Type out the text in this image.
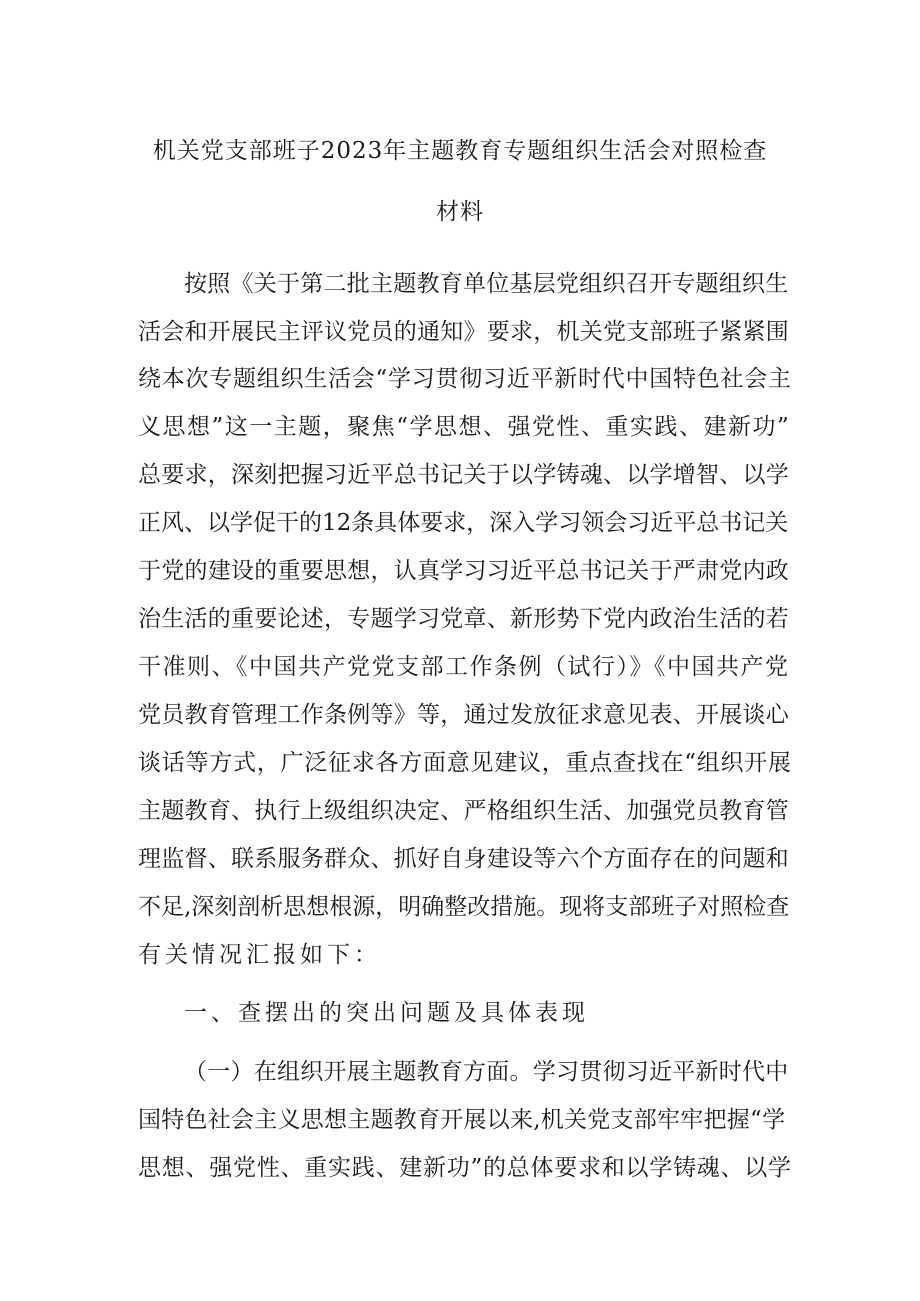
机关党支部班子2023年主题教育专题组织生活会对照检查
材料
按照《关于第二批主题教育单位基层党组织召开专题组织生
活会和开展民主评议党员的通知》要求，机关党支部班子紧紧围
绕本次专题组织生活会“学习贯彻习近平新时代中国特色社会主
义思想”这一主题，聚焦“学思想、强党性、重实践、建新功”
总要求，深刻把握习近平总书记关于以学铸魂、以学增智、以学
正风、以学促干的12条具体要求，深入学习领会习近平总书记关
于党的建设的重要思想，认真学习习近平总书记关于严肃党内政
治生活的重要论述，专题学习党章、新形势下党内政治生活的若
干准则、《中国共产党党支部工作条例（试行）》《中国共产党
党员教育管理工作条例等》等，通过发放征求意见表、开展谈心
谈话等方式，广泛征求各方面意见建议，重点查找在“组织开展
主题教育、执行上级组织决定、严格组织生活、加强党员教育管
理监督、联系服务群众、抓好自身建设等六个方面存在的问题和
不足,深刻剖析思想根源，明确整改措施。现将支部班子对照检查
有关情况汇报如下：
一、查摆出的突出问题及具体表现
（一）在组织开展主题教育方面。学习贯彻习近平新时代中
国特色社会主义思想主题教育开展以来,机关党支部牢牢把握“学
思想、强党性、重实践、建新功”的总体要求和以学铸魂、以学
